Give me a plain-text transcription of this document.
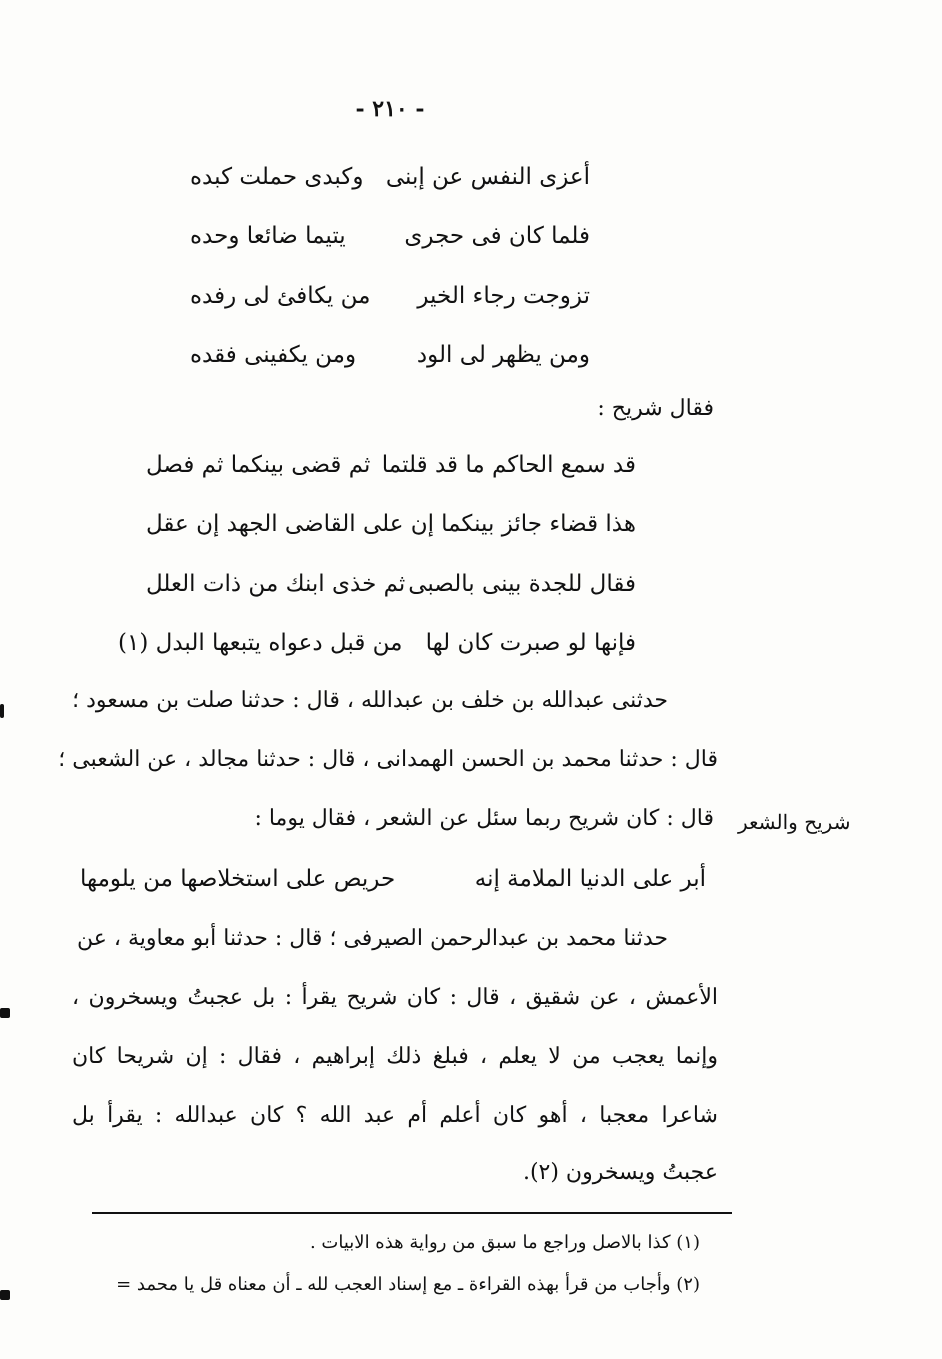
- ٢١٠ -
أعزى النفس عن إبنى
وكبدى حملت كبده
فلما كان فى حجرى
يتيما ضائعا وحده
تزوجت رجاء الخير
من يكافئ لى رفده
ومن يظهر لى الود
ومن يكفينى فقده
فقال شريح :
قد سمع الحاكم ما قد قلتما
ثم قضى بينكما ثم فصل
هذا قضاء جائز بينكما
إن على القاضى الجهد إن عقل
فقال للجدة بينى بالصبى
ثم خذى ابنك من ذات العلل
فإنها لو صبرت كان لها
من قبل دعواه يتبعها البدل (١)
حدثنى عبدالله بن خلف بن عبدالله ، قال : حدثنا صلت بن مسعود ؛
قال : حدثنا محمد بن الحسن الهمدانى ، قال : حدثنا مجالد ، عن الشعبى ؛
قال : كان شريح ربما سئل عن الشعر ، فقال يوما : شريح والشعر
أبر على الدنيا الملامة إنه
حريص على استخلاصها من يلومها
حدثنا محمد بن عبدالرحمن الصيرفى ؛ قال : حدثنا أبو معاوية ، عن
الأعمش ، عن شقيق ، قال : كان شريح يقرأ : بل عجبتُ ويسخرون ،
وإنما يعجب من لا يعلم ، فبلغ ذلك إبراهيم ، فقال : إن شريحا كان
شاعرا معجبا ، أهو كان أعلم أم عبد الله ؟ كان عبدالله : يقرأ بل
عجبتُ ويسخرون (٢).
(١) كذا بالاصل وراجع ما سبق من رواية هذه الابيات .
(٢) وأجاب من قرأ بهذه القراءة ـ مع إسناد العجب لله ـ أن معناه قل يا محمد =
